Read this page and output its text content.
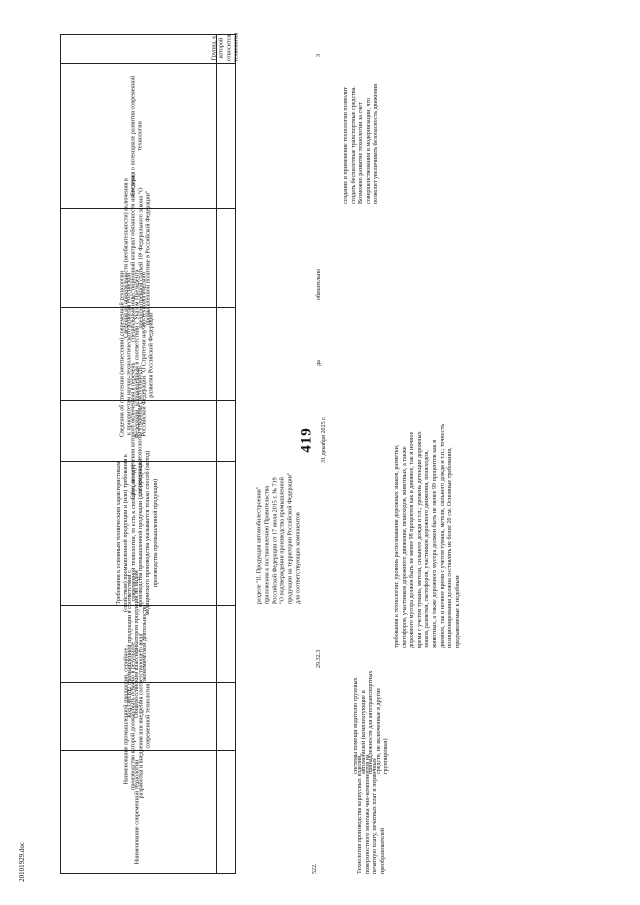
419
20101929.doc
Группа, к которой относится технология
Сведения о потенциале развития современной технологии
Сведения об обязательности (необязательности) включения в специальный инвестиционный контракт обязанности инвестора, предусмотренной статьей 18¹ Федерального закона "О промышленной политике в Российской Федерации"
Сведения об отнесении (неотнесении) современной технологии к приоритетам научно-технологического развития Российской Федерации, установленным в соответствии с Указом Президента Российской Федерации "О Стратегии научно-технологического развития Российской Федерации"
Срок, по истечении которого включенная в перечень современная технология утрачивает актуальность
Требования к основным техническим характеристикам (свойствам) промышленной продукции и (или) требования к современной технологии, то есть к способу (методу) производства промышленной продукции (для продукции медицинского производства указывается только способ (метод) производства промышленной продукции)
Код ОКПД2 промышленной продукции в соответствии с Общероссийским классификатором продукции по видам экономической деятельности
Наименование промышленной продукции, серийное производство которой должно быть освоено в результате разработки и внедрения или внедрения соответствующего вида современной технологии
Наименование современной технологии
разделе "II. Продукция автомобилестроения" приложения к постановлению Правительства Российской Федерации от 17 июля 2015 г. № 719 "О подтверждении производства промышленной продукции на территории Российской Федерации" для соответствующих компонентов
522.	Технология производства корпусных изделий, поверхностного монтажа чип-компонентов на печатную плату, печатных плат и первичных преобразователей
системы помощи водителю грузовых автомобилей (комплектующие и принадлежности для автотранспортных средств, не включенные в другие группировки)
29.32.3
требования к технологии: уровень распознавания дорожных знаков, разметки, светофоров, участников дорожного движения, пешеходов, животных, а также дорожного мусора должен быть не менее 98 процентов как в дневное, так и ночное время с учетом тумана, метели, сильного дождя и т.п.; уровень детекции дорожных знаков, разметки, светофоров, участников дорожного движения, пешеходов, животных, а также дорожного мусора должен быть не менее 99 процентов как в дневное, так и ночное время с учетом тумана, метели, сильного дождя и т.п.; точность позиционирования должна составлять не более 20 см. Основные требования, предъявляемые к подобным
31 декабря 2025 г.
да
обязательно
создание и применение технологии позволит создать беспилотные транспортные средства. Возможно развитие технологии за счет совершенствования и модернизации, что позволит увеличивать безопасность движения
3
